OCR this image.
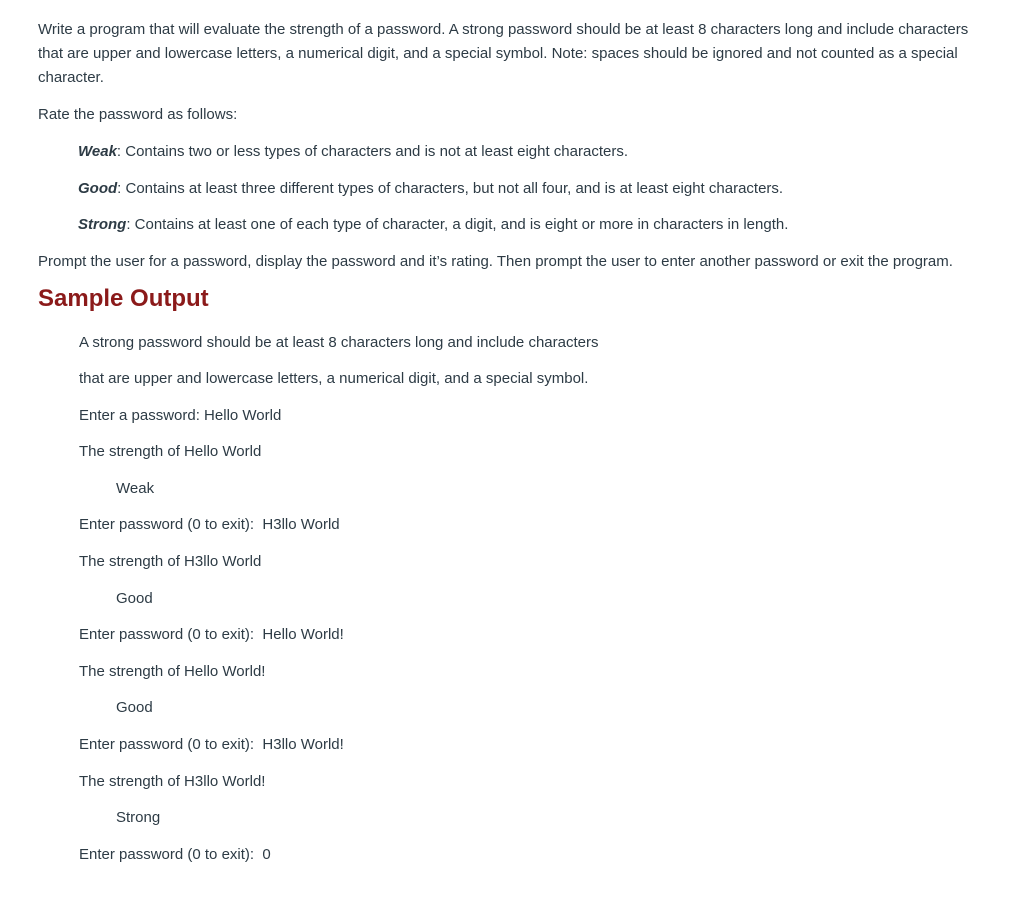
Write a program that will evaluate the strength of a password. A strong password should be at least 8 characters long and include characters that are upper and lowercase letters, a numerical digit, and a special symbol. Note: spaces should be ignored and not counted as a special character.

Rate the password as follows:

Weak: Contains two or less types of characters and is not at least eight characters.
Good: Contains at least three different types of characters, but not all four, and is at least eight characters.
Strong: Contains at least one of each type of character, a digit, and is eight or more in characters in length.

Prompt the user for a password, display the password and it’s rating. Then prompt the user to enter another password or exit the program.

Sample Output
A strong password should be at least 8 characters long and include characters
that are upper and lowercase letters, a numerical digit, and a special symbol.
Enter a password: Hello World
The strength of Hello World
Weak
Enter password (0 to exit):  H3llo World
The strength of H3llo World
Good
Enter password (0 to exit):  Hello World!
The strength of Hello World!
Good
Enter password (0 to exit):  H3llo World!
The strength of H3llo World!
Strong
Enter password (0 to exit):  0
